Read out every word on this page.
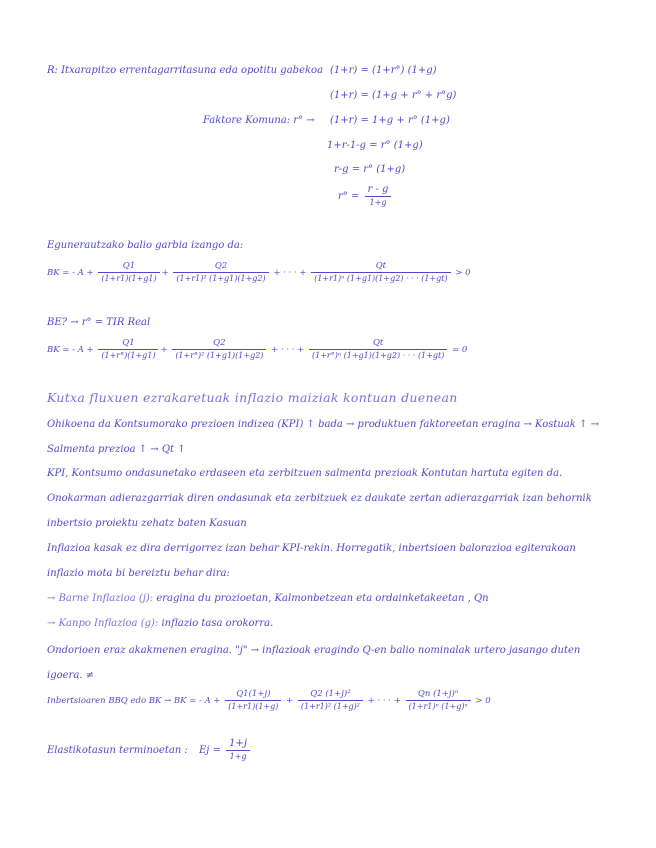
R: Itxarapitzo errentagarritasuna eda opotitu gabekoa (1+r) = (1+r°) (1+g)
(1+r) = (1+g + r° + r°g)
Faktore Komuna: r° → (1+r) = 1+g + r° (1+g)
1+r-1-g = r° (1+g)
r-g = r° (1+g)
$r^\circ = \frac{r - g}{1+g}$
Egunerautzako balio garbia izango da:
BK = - $A + \frac{Q1}{(1+r1)(1+g1)} + \frac{Q2}{\text{(1+r1)² (1+g1)(1+g2)}}$ + · · · + $\frac{Qt}{\text{(1+r1)ⁿ (1+g1)(1+g2) · · · (1+gt)}} > 0$
BE? → r° = TIR Real
BK = - $A + \frac{Q1}{(1+r^\circ)(1+g1)} + \frac{Q2}{\text{(1+r°)² (1+g1)(1+g2)}}$ + · · · + $\frac{Qt}{\text{(1+r°)ⁿ (1+g1)(1+g2) · · · (1+gt)}} = 0$
Kutxa fluxuen ezrakaretuak inflazio maiziak kontuan duenean
Ohikoena da Kontsumorako prezioen indizea (KPI) ↑ bada → produktuen faktoreetan eragina → Kostuak ↑ →
Salmenta prezioa ↑ → Qt ↑
KPI, Kontsumo ondasunetako erdaseen eta zerbitzuen salmenta prezioak Kontutan hartuta egiten da.
Onokarman adierazgarriak diren ondasunak eta zerbitzuek ez daukate zertan adierazgarriak izan behornik
inbertsio proiektu zehatz baten Kasuan
Inflazioa kasak ez dira derrigorrez izan behar KPI-rekin. Horregatik, inbertsioen balorazioa egiterakoan
inflazio mota bi bereiztu behar dira:
→ Barne Inflazioa (j): eragina du prozioetan, Kalmonbetzean eta ordainketakeetan , Qn
→ Kanpo Inflazioa (g): inflazio tasa orokorra.
Ondorioen eraz akakmenen eragina. "j" → inflazioak eragindo Q-en balio nominalak urtero jasango duten
igoera. ≠
Inbertsioaren BBQ edo BK → BK = - $A + \frac{Q1(1+j)}{(1+r1)(1+g)} + \frac{\text{Q2 (1+j)²}}{\text{(1+r1)² (1+g)²}}$ + · · · + $\frac{\text{Qn (1+j)ⁿ}}{\text{(1+r1)ⁿ (1+g)ⁿ}} > 0$
Elastikotasun terminoetan : $Ej = \frac{1+j}{1+g}$
